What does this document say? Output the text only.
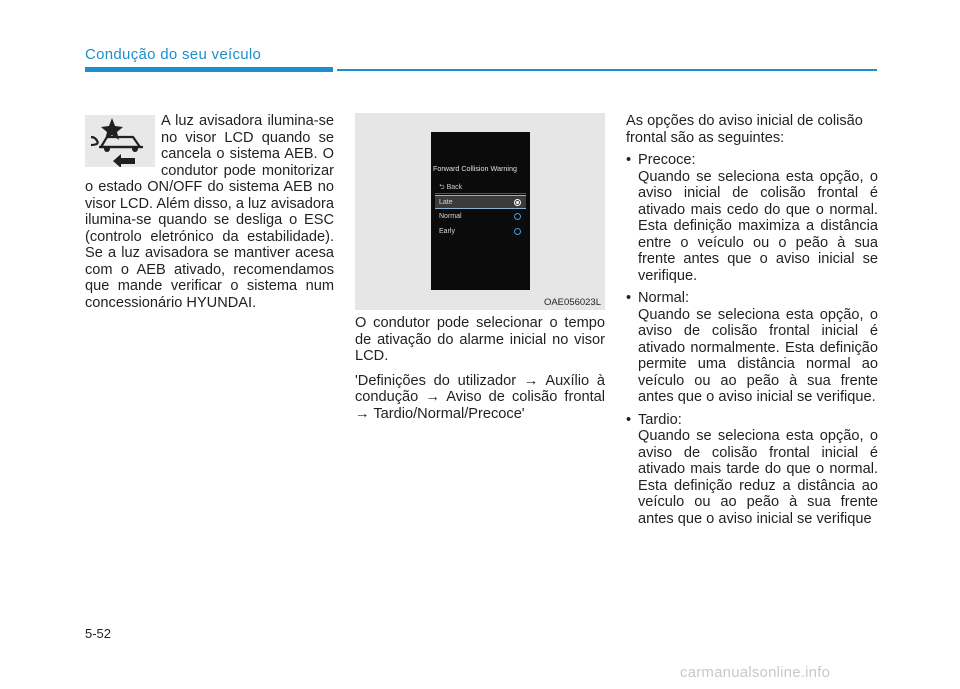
Condução do seu veículo
A luz avisadora ilumina-se no visor LCD quando se cancela o sistema AEB. O condutor pode monitorizar o estado ON/OFF do sistema AEB no visor LCD. Além disso, a luz avisadora ilumina-se quando se desliga o ESC (controlo eletrónico da estabilidade). Se a luz avisadora se mantiver acesa com o AEB ativado, recomendamos que mande verificar o sistema num concessionário HYUNDAI.
Forward Collision Warning
⮌ Back
Late
Normal
Early
OAE056023L

O condutor pode selecionar o tempo de ativação do alarme inicial no visor LCD.

'Definições do utilizador → Auxílio à condução → Aviso de colisão frontal → Tardio/Normal/Precoce'

As opções do aviso inicial de colisão frontal são as seguintes:
• Precoce:
Quando se seleciona esta opção, o aviso inicial de colisão frontal é ativado mais cedo do que o normal. Esta definição maximiza a distância entre o veículo ou o peão à sua frente antes que o aviso inicial se verifique.
• Normal:
Quando se seleciona esta opção, o aviso de colisão frontal inicial é ativado normalmente. Esta definição permite uma distância normal ao veículo ou ao peão à sua frente antes que o aviso inicial se verifique.
• Tardio:
Quando se seleciona esta opção, o aviso de colisão frontal inicial é ativado mais tarde do que o normal. Esta definição reduz a distância ao veículo ou ao peão à sua frente antes que o aviso inicial se verifique
5-52
carmanualsonline.info
